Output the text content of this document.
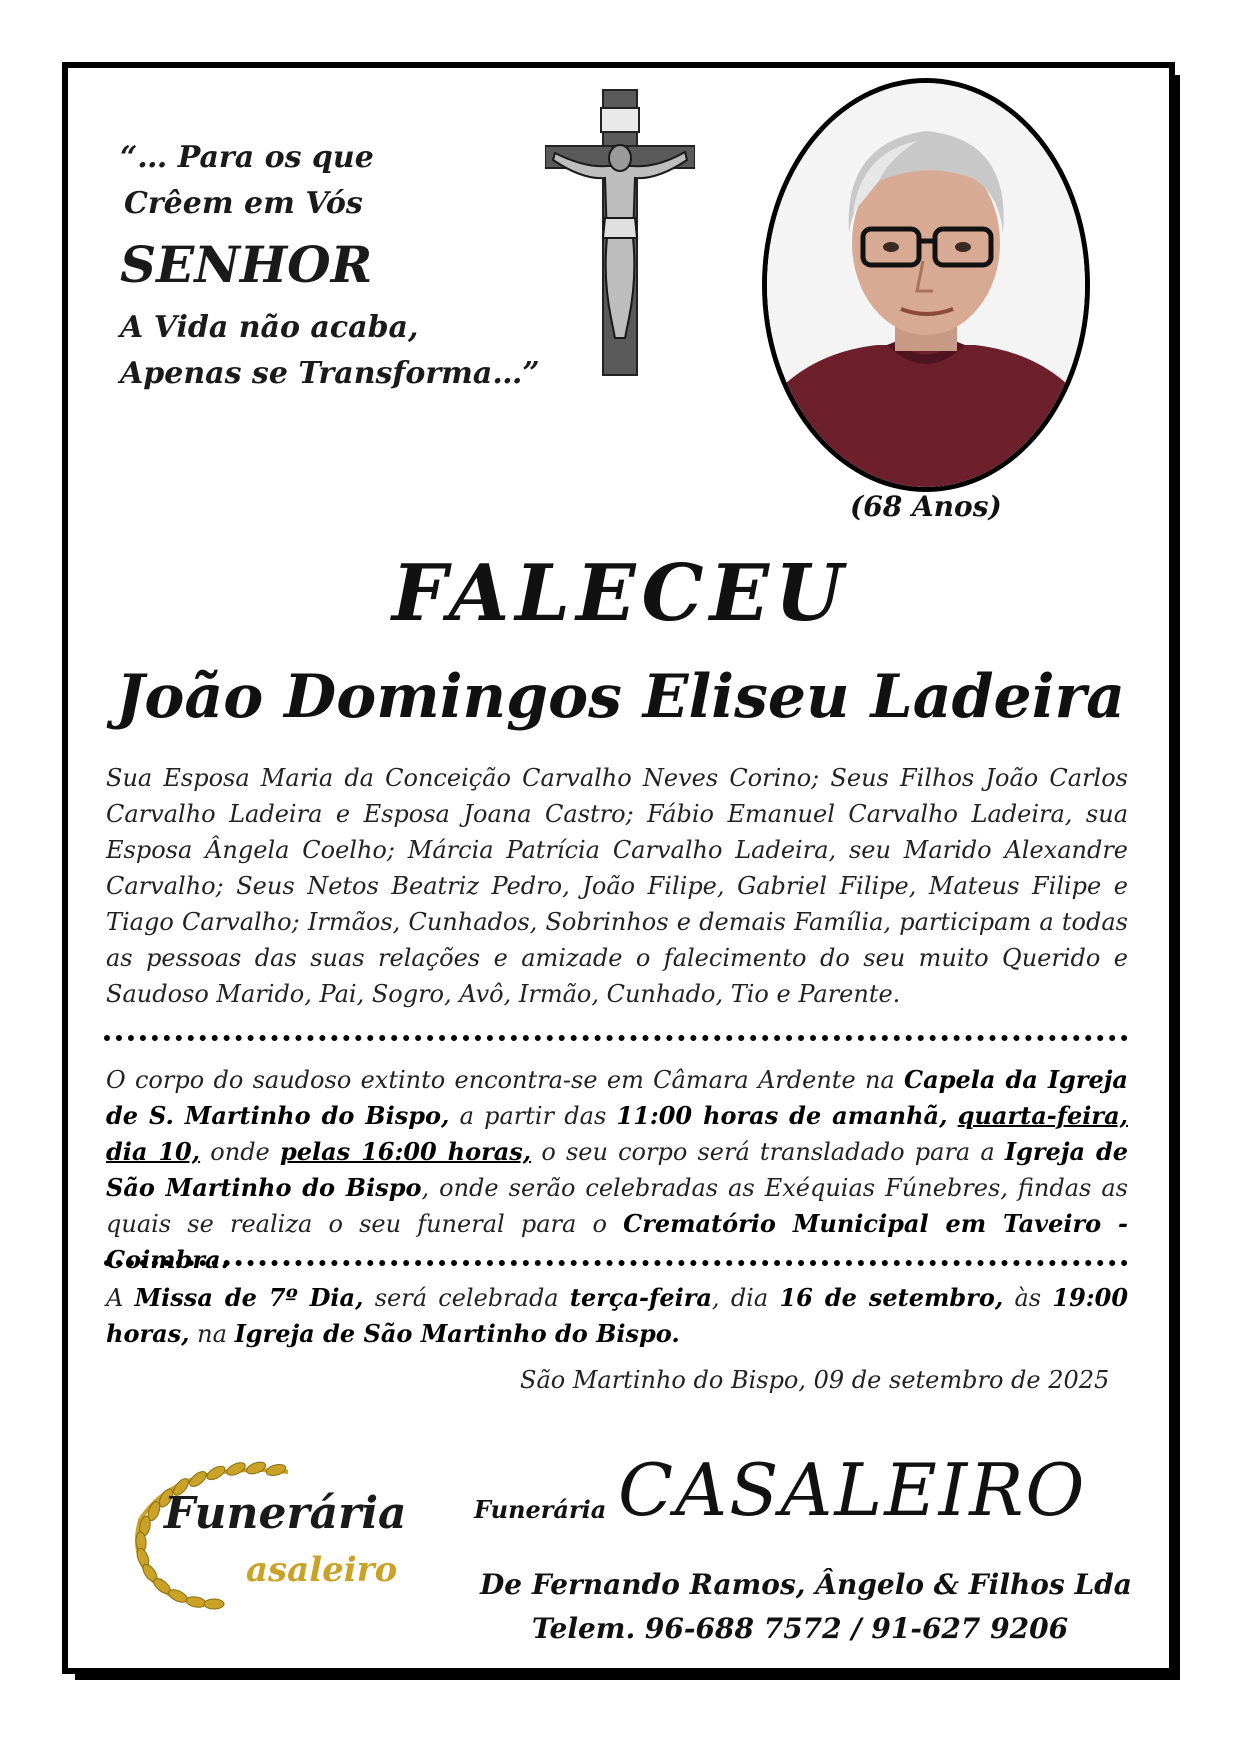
“… Para os que
Crêem em Vós
SENHOR
A Vida não acaba,
Apenas se Transforma…”
(68 Anos)
FALECEU
João Domingos Eliseu Ladeira
Sua Esposa Maria da Conceição Carvalho Neves Corino; Seus Filhos João Carlos Carvalho Ladeira e Esposa Joana Castro; Fábio Emanuel Carvalho Ladeira, sua Esposa Ângela Coelho; Márcia Patrícia Carvalho Ladeira, seu Marido Alexandre Carvalho; Seus Netos Beatriz Pedro, João Filipe, Gabriel Filipe, Mateus Filipe e Tiago Carvalho; Irmãos, Cunhados, Sobrinhos e demais Família, participam a todas as pessoas das suas relações e amizade o falecimento do seu muito Querido e Saudoso Marido, Pai, Sogro, Avô, Irmão, Cunhado, Tio e Parente.
O corpo do saudoso extinto encontra-se em Câmara Ardente na Capela da Igreja de S. Martinho do Bispo, a partir das 11:00 horas de amanhã, quarta-feira, dia 10, onde pelas 16:00 horas, o seu corpo será transladado para a Igreja de São Martinho do Bispo, onde serão celebradas as Exéquias Fúnebres, findas as quais se realiza o seu funeral para o Crematório Municipal em Taveiro -Coimbra.
A Missa de 7º Dia, será celebrada terça-feira, dia 16 de setembro, às 19:00 horas, na Igreja de São Martinho do Bispo.
São Martinho do Bispo, 09 de setembro de 2025
Funerária
asaleiro
Funerária CASALEIRO
De Fernando Ramos, Ângelo & Filhos Lda
Telem. 96-688 7572 / 91-627 9206
